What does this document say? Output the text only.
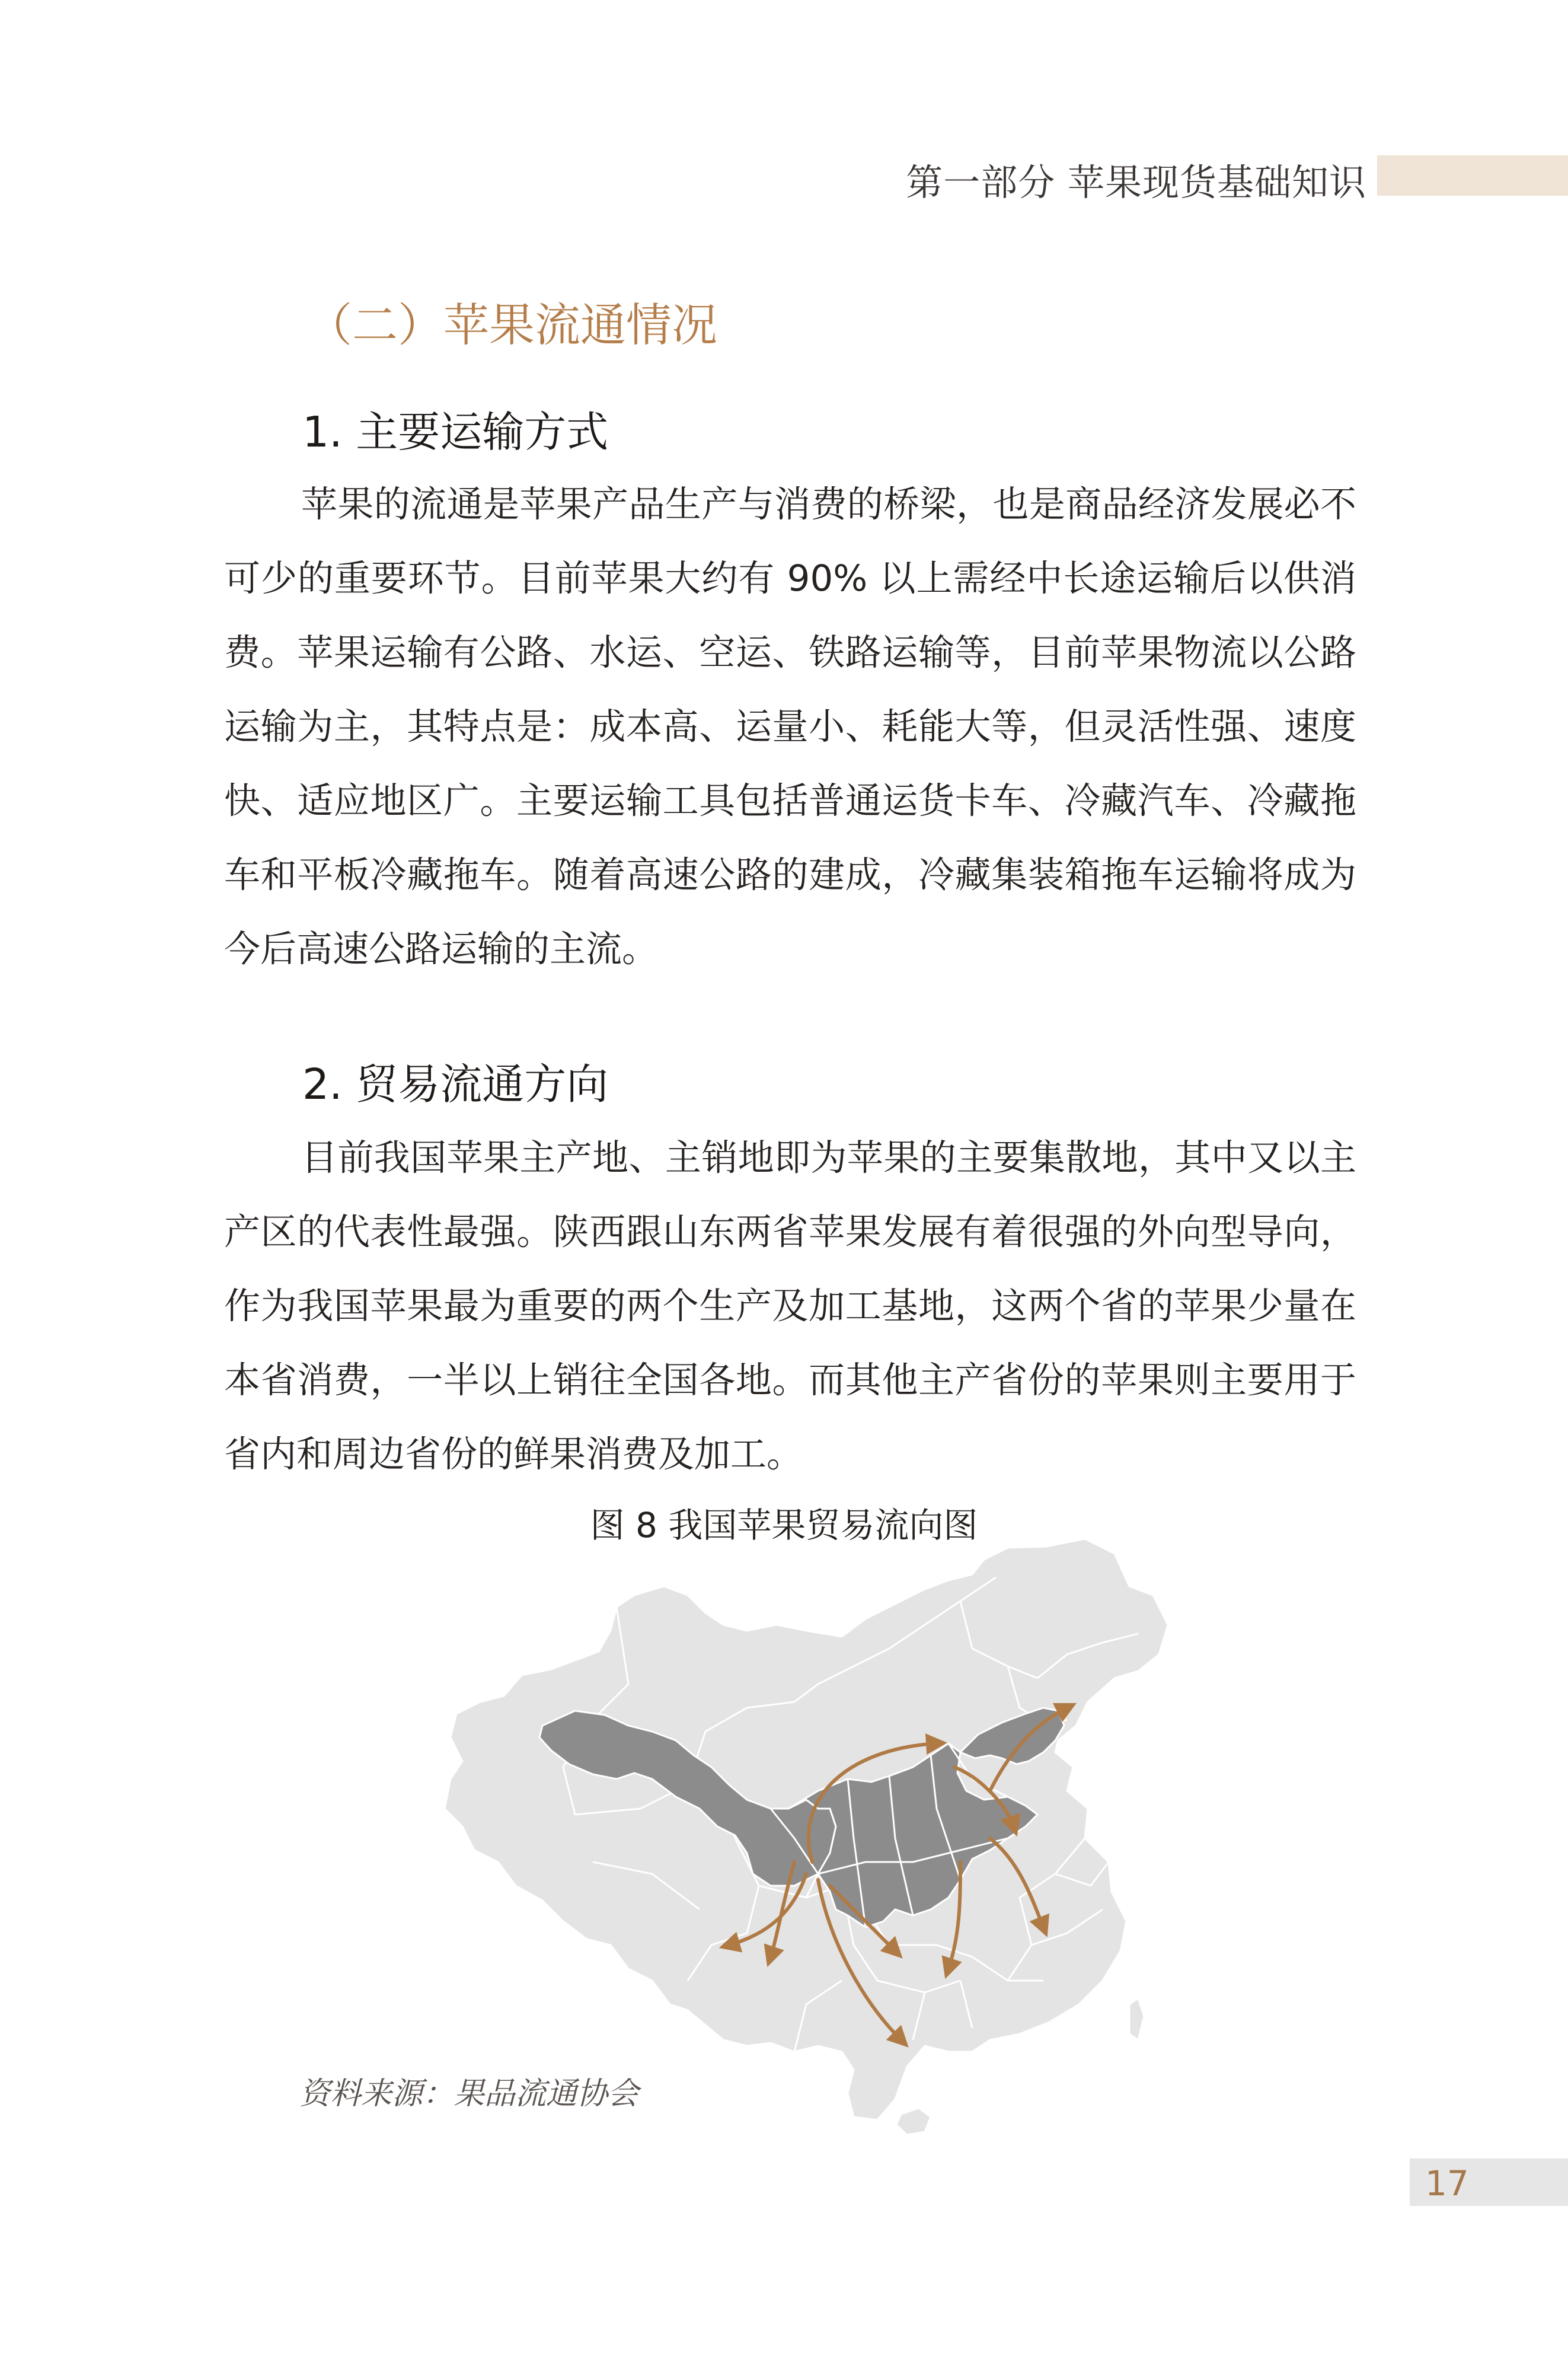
第一部分 苹果现货基础知识
（二）苹果流通情况
1. 主要运输方式

苹果的流通是苹果产品生产与消费的桥梁，也是商品经济发展必不可少的重要环节。目前苹果大约有 90% 以上需经中长途运输后以供消费。苹果运输有公路、水运、空运、铁路运输等，目前苹果物流以公路运输为主，其特点是：成本高、运量小、耗能大等，但灵活性强、速度快、适应地区广。主要运输工具包括普通运货卡车、冷藏汽车、冷藏拖车和平板冷藏拖车。随着高速公路的建成，冷藏集装箱拖车运输将成为今后高速公路运输的主流。

2. 贸易流通方向

目前我国苹果主产地、主销地即为苹果的主要集散地，其中又以主产区的代表性最强。陕西跟山东两省苹果发展有着很强的外向型导向，作为我国苹果最为重要的两个生产及加工基地，这两个省的苹果少量在本省消费，一半以上销往全国各地。而其他主产省份的苹果则主要用于省内和周边省份的鲜果消费及加工。

图 8 我国苹果贸易流向图
资料来源：果品流通协会
17
